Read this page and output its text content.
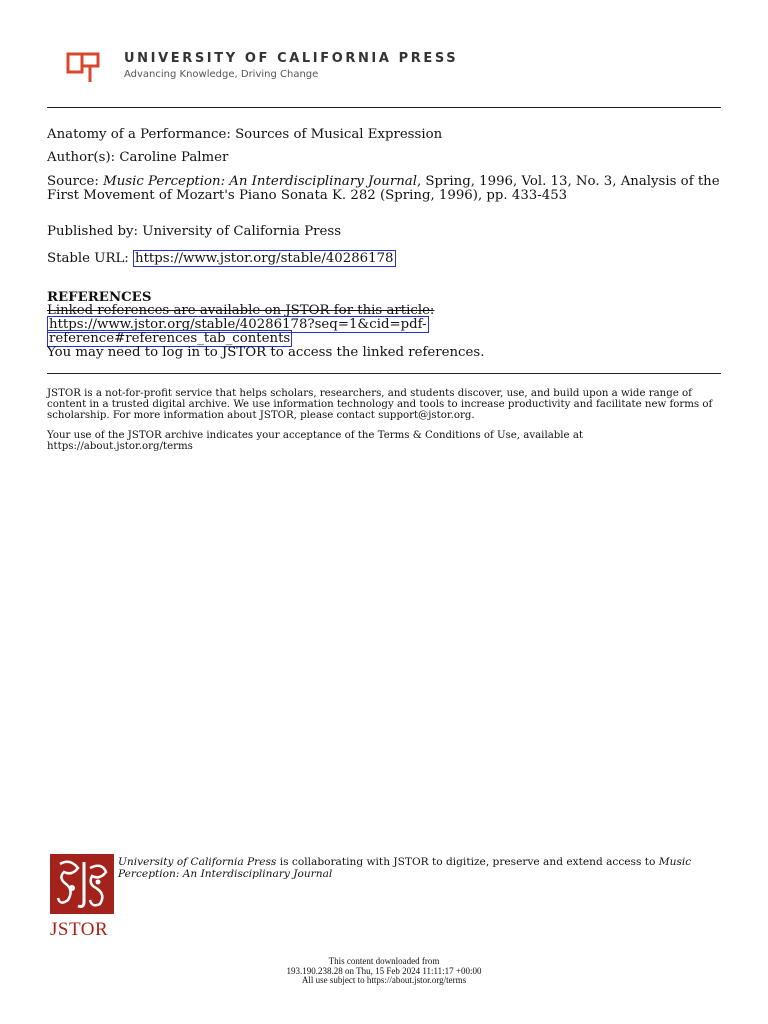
UNIVERSITY OF CALIFORNIA PRESS
Advancing Knowledge, Driving Change
Anatomy of a Performance: Sources of Musical Expression
Author(s): Caroline Palmer
Source: Music Perception: An Interdisciplinary Journal, Spring, 1996, Vol. 13, No. 3, Analysis of the First Movement of Mozart's Piano Sonata K. 282 (Spring, 1996), pp. 433-453
Published by: University of California Press
Stable URL: https://www.jstor.org/stable/40286178
REFERENCES
Linked references are available on JSTOR for this article:
https://www.jstor.org/stable/40286178?seq=1&cid=pdf-
reference#references_tab_contents
You may need to log in to JSTOR to access the linked references.
JSTOR is a not-for-profit service that helps scholars, researchers, and students discover, use, and build upon a wide range of content in a trusted digital archive. We use information technology and tools to increase productivity and facilitate new forms of scholarship. For more information about JSTOR, please contact support@jstor.org.
Your use of the JSTOR archive indicates your acceptance of the Terms & Conditions of Use, available at https://about.jstor.org/terms
JSTOR
University of California Press is collaborating with JSTOR to digitize, preserve and extend access to Music Perception: An Interdisciplinary Journal
This content downloaded from
193.190.238.28 on Thu, 15 Feb 2024 11:11:17 +00:00
All use subject to https://about.jstor.org/terms
